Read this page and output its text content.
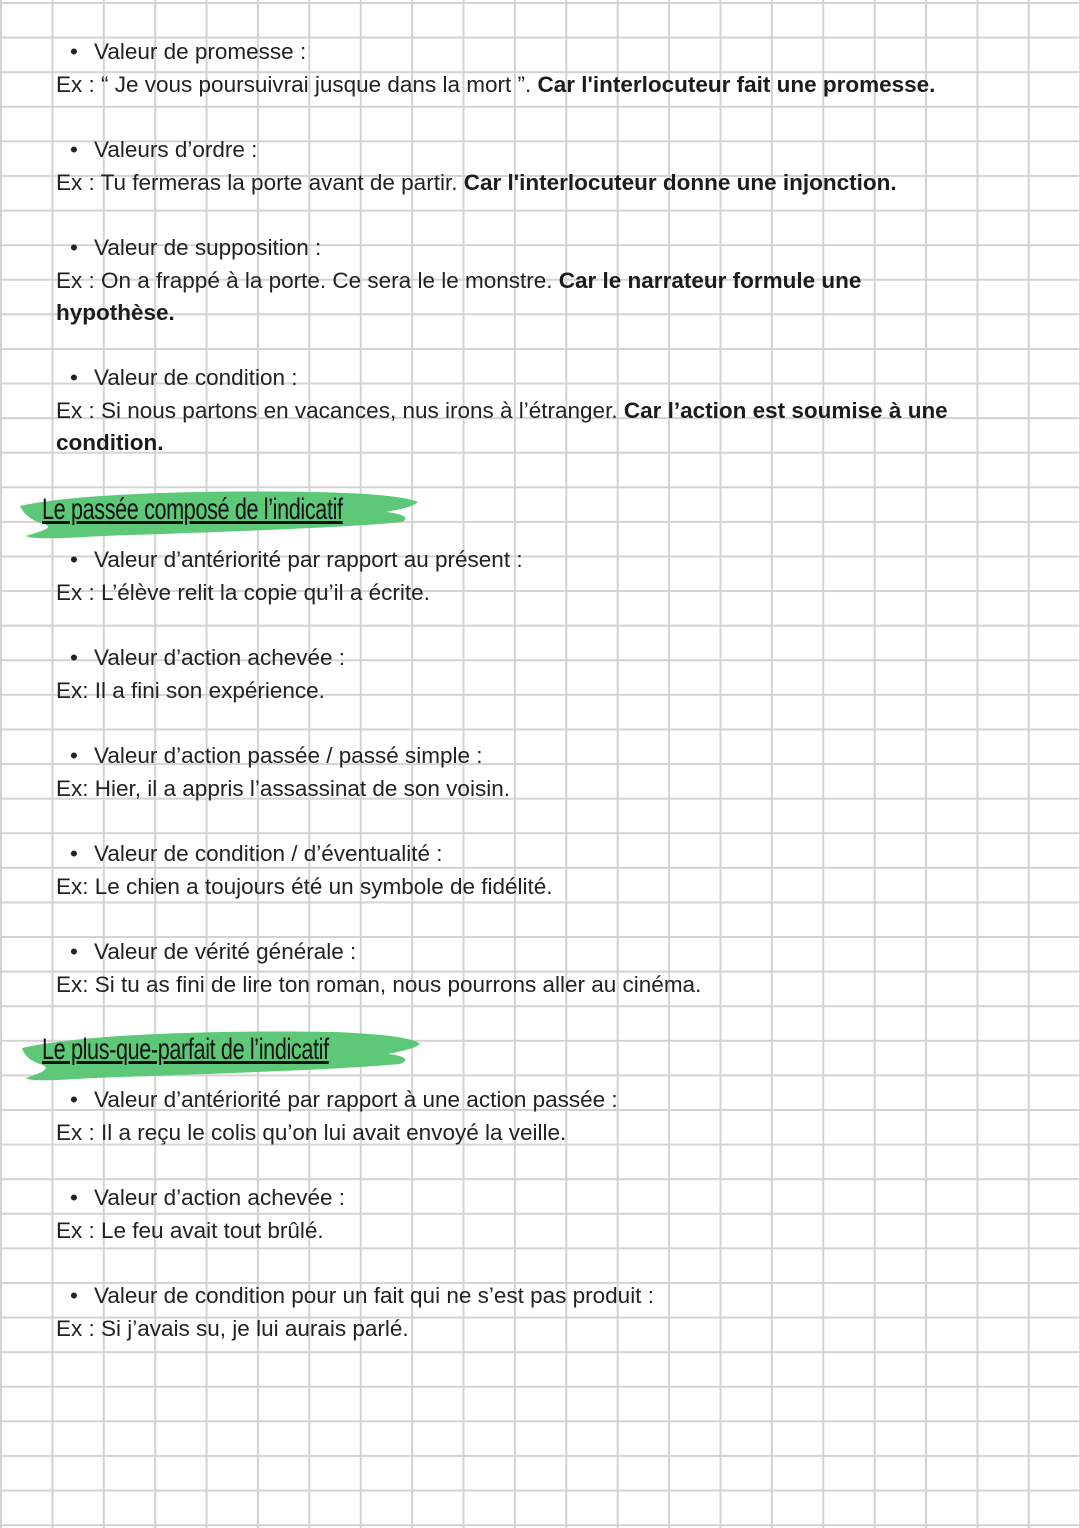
• Valeur de promesse :
Ex : “ Je vous poursuivrai jusque dans la mort ”. Car l'interlocuteur fait une promesse.
• Valeurs d’ordre :
Ex : Tu fermeras la porte avant de partir. Car l'interlocuteur donne une injonction.
• Valeur de supposition :
Ex : On a frappé à la porte. Ce sera le le monstre. Car le narrateur formule une
hypothèse.
• Valeur de condition :
Ex : Si nous partons en vacances, nus irons à l’étranger. Car l’action est soumise à une
condition.
Le passée composé de l’indicatif
• Valeur d’antériorité par rapport au présent :
Ex : L’élève relit la copie qu’il a écrite.
• Valeur d’action achevée :
Ex: Il a fini son expérience.
• Valeur d’action passée / passé simple :
Ex: Hier, il a appris l’assassinat de son voisin.
• Valeur de condition / d’éventualité :
Ex: Le chien a toujours été un symbole de fidélité.
• Valeur de vérité générale :
Ex: Si tu as fini de lire ton roman, nous pourrons aller au cinéma.
Le plus-que-parfait de l’indicatif
• Valeur d’antériorité par rapport à une action passée :
Ex : Il a reçu le colis qu’on lui avait envoyé la veille.
• Valeur d’action achevée :
Ex : Le feu avait tout brûlé.
• Valeur de condition pour un fait qui ne s’est pas produit :
Ex : Si j’avais su, je lui aurais parlé.
